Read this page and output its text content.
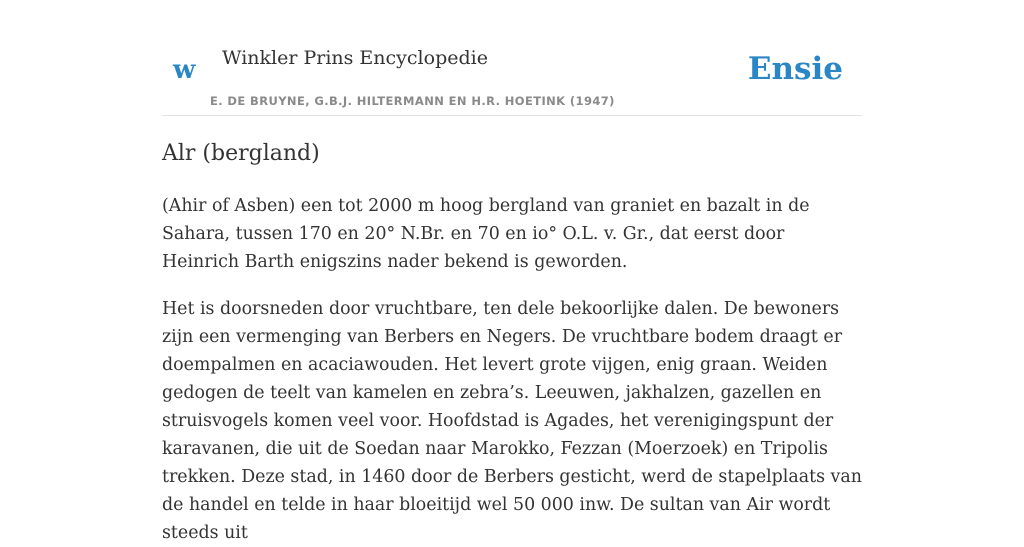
w Winkler Prins Encyclopedie
E. DE BRUYNE, G.B.J. HILTERMANN EN H.R. HOETINK (1947)
Ensie
Alr (bergland)

(Ahir of Asben) een tot 2000 m hoog bergland van graniet en bazalt in de Sahara, tussen 170 en 20° N.Br. en 70 en io° O.L. v. Gr., dat eerst door Heinrich Barth enigszins nader bekend is geworden.

Het is doorsneden door vruchtbare, ten dele bekoorlijke dalen. De bewoners zijn een vermenging van Berbers en Negers. De vruchtbare bodem draagt er doempalmen en acaciawouden. Het levert grote vijgen, enig graan. Weiden gedogen de teelt van kamelen en zebra’s. Leeuwen, jakhalzen, gazellen en struisvogels komen veel voor. Hoofdstad is Agades, het verenigingspunt der karavanen, die uit de Soedan naar Marokko, Fezzan (Moerzoek) en Tripolis trekken. Deze stad, in 1460 door de Berbers gesticht, werd de stapelplaats van de handel en telde in haar bloeitijd wel 50 000 inw. De sultan van Air wordt steeds uit
